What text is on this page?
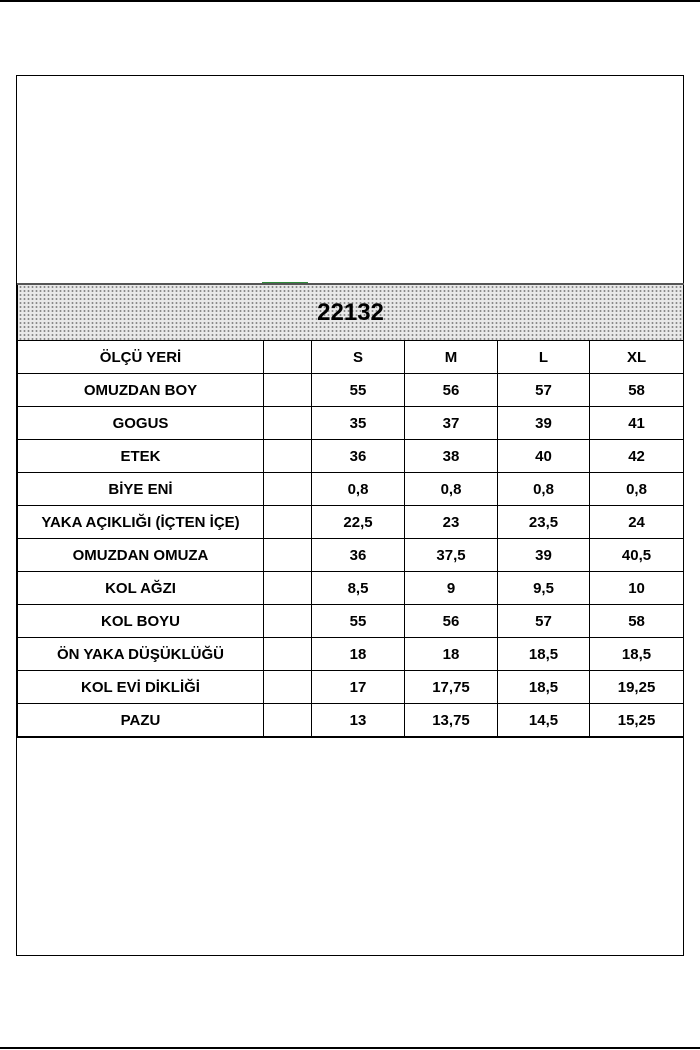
22132					
ÖLÇÜ YERİ		S	M	L	XL
OMUZDAN BOY		55	56	57	58
GOGUS		35	37	39	41
ETEK		36	38	40	42
BİYE ENİ		0,8	0,8	0,8	0,8
YAKA AÇIKLIĞI (İÇTEN İÇE)		22,5	23	23,5	24
OMUZDAN OMUZA		36	37,5	39	40,5
KOL AĞZI		8,5	9	9,5	10
KOL BOYU		55	56	57	58
ÖN YAKA DÜŞÜKLÜĞÜ		18	18	18,5	18,5
KOL EVİ DİKLİĞİ		17	17,75	18,5	19,25
PAZU		13	13,75	14,5	15,25
